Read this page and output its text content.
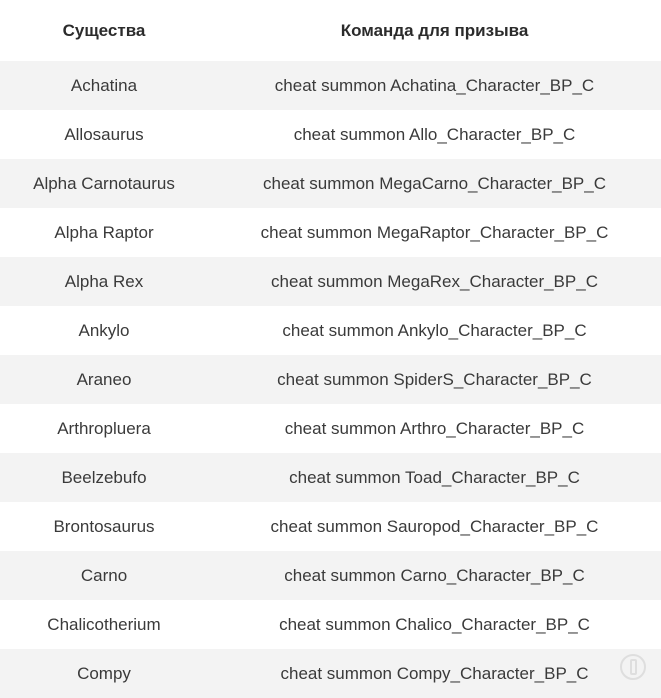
Существа	Команда для призыва
Achatina	cheat summon Achatina_Character_BP_C
Allosaurus	cheat summon Allo_Character_BP_C
Alpha Carnotaurus	cheat summon MegaCarno_Character_BP_C
Alpha Raptor	cheat summon MegaRaptor_Character_BP_C
Alpha Rex	cheat summon MegaRex_Character_BP_C
Ankylo	cheat summon Ankylo_Character_BP_C
Araneo	cheat summon SpiderS_Character_BP_C
Arthropluera	cheat summon Arthro_Character_BP_C
Beelzebufo	cheat summon Toad_Character_BP_C
Brontosaurus	cheat summon Sauropod_Character_BP_C
Carno	cheat summon Carno_Character_BP_C
Chalicotherium	cheat summon Chalico_Character_BP_C
Compy	cheat summon Compy_Character_BP_C
